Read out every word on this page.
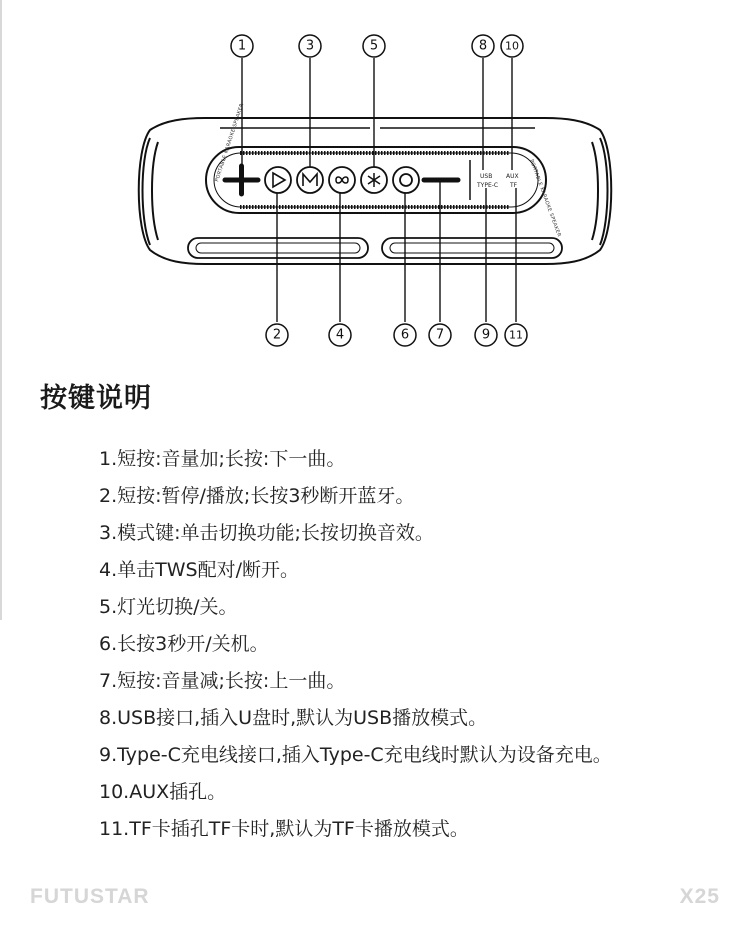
PORTABLE KARAOKE SPEAKER
PORTABLE KARAOKE SPEAKER
USB
TYPE-C
AUX
TF
1	3	5	8 10
2	4	6 7	9 11
按键说明
1.短按:音量加;长按:下一曲。
2.短按:暂停/播放;长按3秒断开蓝牙。
3.模式键:单击切换功能;长按切换音效。
4.单击TWS配对/断开。
5.灯光切换/关。
6.长按3秒开/关机。
7.短按:音量减;长按:上一曲。
8.USB接口,插入U盘时,默认为USB播放模式。
9.Type-C充电线接口,插入Type-C充电线时默认为设备充电。
10.AUX插孔。
11.TF卡插孔TF卡时,默认为TF卡播放模式。
FUTUSTAR	X25
